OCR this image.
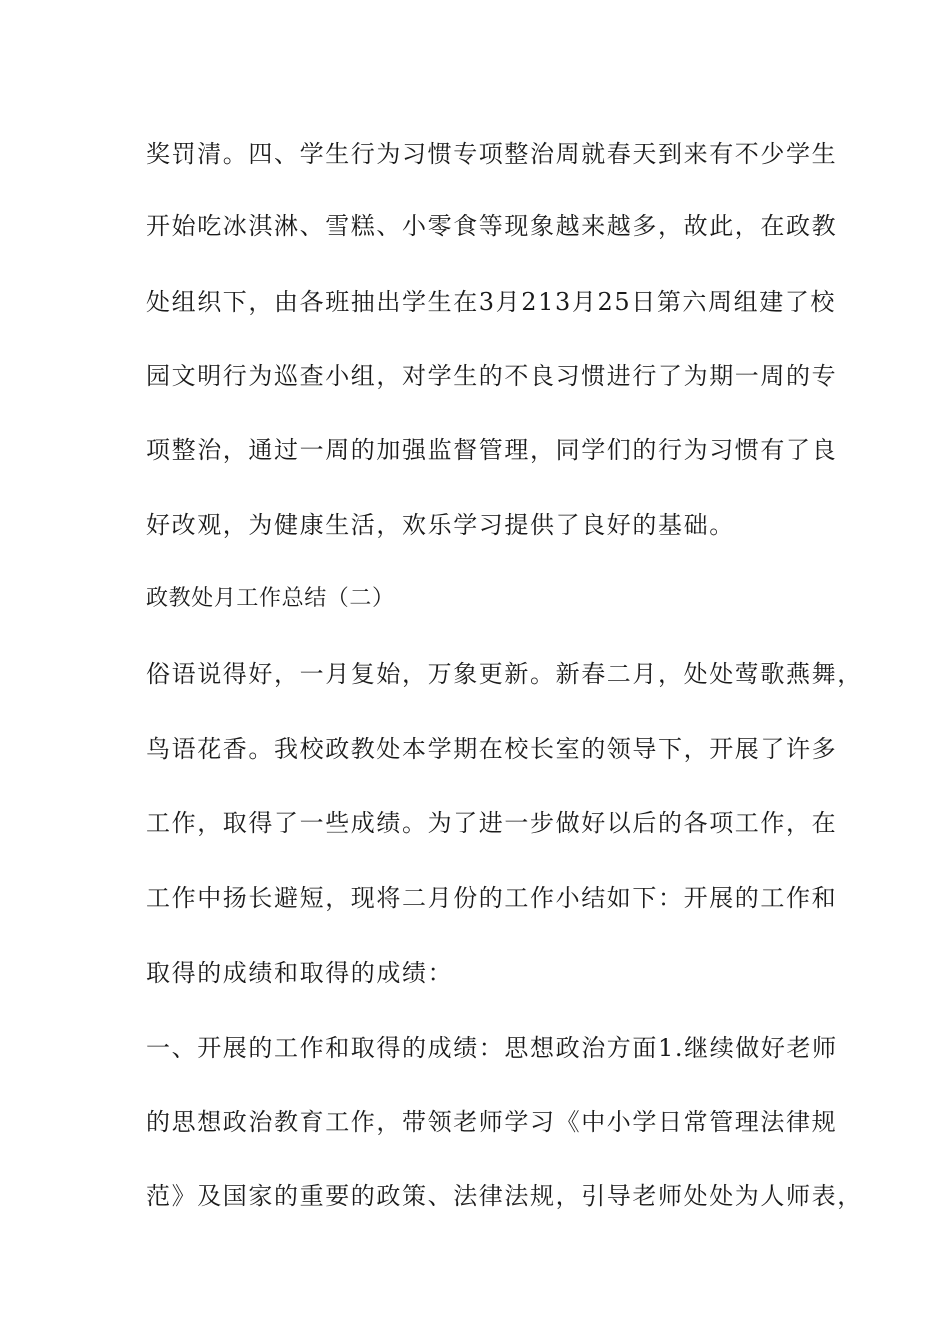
奖罚清。四、学生行为习惯专项整治周就春天到来有不少学生
开始吃冰淇淋、雪糕、小零食等现象越来越多，故此，在政教
处组织下，由各班抽出学生在3月213月25日第六周组建了校
园文明行为巡查小组，对学生的不良习惯进行了为期一周的专
项整治，通过一周的加强监督管理，同学们的行为习惯有了良
好改观，为健康生活，欢乐学习提供了良好的基础。
政教处月工作总结（二）
俗语说得好，一月复始，万象更新。新春二月，处处莺歌燕舞，
鸟语花香。我校政教处本学期在校长室的领导下，开展了许多
工作，取得了一些成绩。为了进一步做好以后的各项工作，在
工作中扬长避短，现将二月份的工作小结如下：开展的工作和
取得的成绩和取得的成绩：
一、开展的工作和取得的成绩：思想政治方面1.继续做好老师
的思想政治教育工作，带领老师学习《中小学日常管理法律规
范》及国家的重要的政策、法律法规，引导老师处处为人师表，
